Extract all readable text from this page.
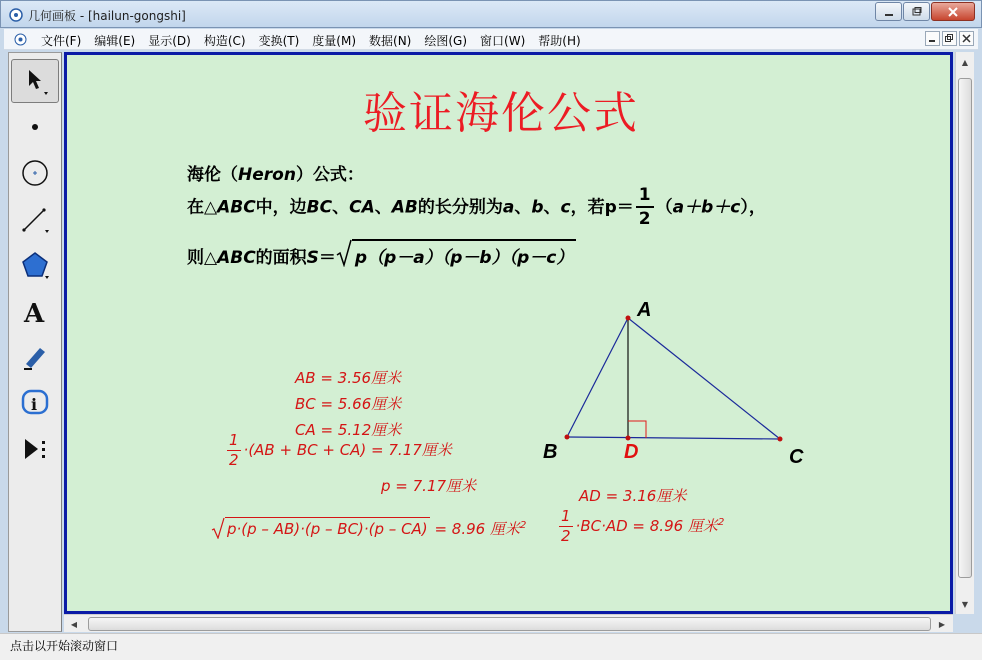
几何画板 - [hailun-gongshi]
文件(F) 编辑(E) 显示(D) 构造(C) 变换(T) 度量(M) 数据(N) 绘图(G) 窗口(W) 帮助(H)
A
i
验证海伦公式
海伦（Heron）公式：
在△ABC中，边BC、CA、AB的长分别为a、b、c，若$p= \frac{1}{2} (a+b+c)$，
则△ABC的面积S＝ p（p－a）（p－b）（p－c）
AB = 3.56厘米
BC = 5.66厘米
CA = 5.12厘米
$\frac{1}{2} \cdot(AB$ + BC + CA) = 7.17厘米
p = 7.17厘米
AD = 3.16厘米
p·(p – AB)·(p – BC)·(p – CA) = 8.96 厘米$^2 \frac{1}{2} \cdot BC\cdot AD = 8.96$ 厘米$^2$
A
B	C
D
▲
▼
◀	▶
点击以开始滚动窗口
